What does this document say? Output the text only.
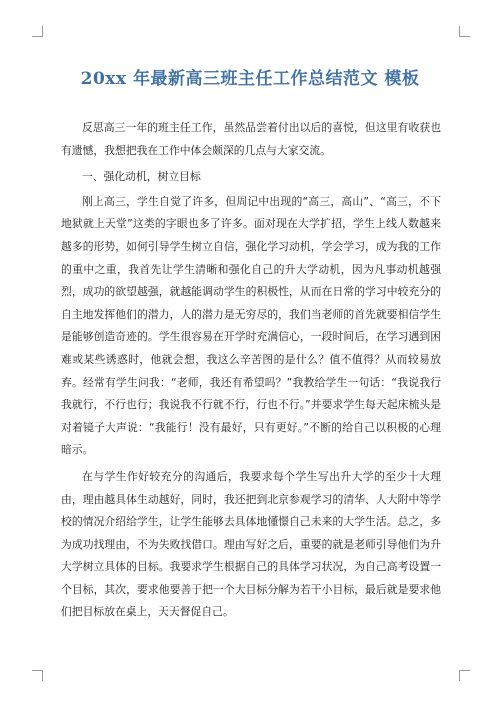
20xx 年最新高三班主任工作总结范文 模板

反思高三一年的班主任工作，虽然品尝着付出以后的喜悦，但这里有收获也有遗憾，我想把我在工作中体会颇深的几点与大家交流。

一、强化动机，树立目标

刚上高三，学生自觉了许多，但周记中出现的“高三，高山”、“高三，不下地狱就上天堂”这类的字眼也多了许多。面对现在大学扩招，学生上线人数越来越多的形势，如何引导学生树立自信，强化学习动机，学会学习，成为我的工作的重中之重，我首先让学生清晰和强化自己的升大学动机，因为凡事动机越强烈，成功的欲望越强，就越能调动学生的积极性，从而在日常的学习中较充分的自主地发挥他们的潜力，人的潜力是无穷尽的，我们当老师的首先就要相信学生是能够创造奇迹的。学生很容易在开学时充满信心，一段时间后，在学习遇到困难或某些诱惑时，他就会想，我这么辛苦图的是什么？值不值得？从而较易放弃。经常有学生问我：“老师，我还有希望吗？”我教给学生一句话：“我说我行我就行，不行也行；我说我不行就不行，行也不行。”并要求学生每天起床梳头是对着镜子大声说：“我能行！没有最好，只有更好。”不断的给自己以积极的心理暗示。

在与学生作好较充分的沟通后，我要求每个学生写出升大学的至少十大理由，理由越具体生动越好，同时，我还把到北京参观学习的清华、人大附中等学校的情况介绍给学生，让学生能够去具体地懂憬自己未来的大学生活。总之，多为成功找理由，不为失败找借口。理由写好之后，重要的就是老师引导他们为升大学树立具体的目标。我要求学生根据自己的具体学习状况，为自己高考设置一个目标，其次，要求他要善于把一个大目标分解为若干小目标，最后就是要求他们把目标放在桌上，天天督促自己。
